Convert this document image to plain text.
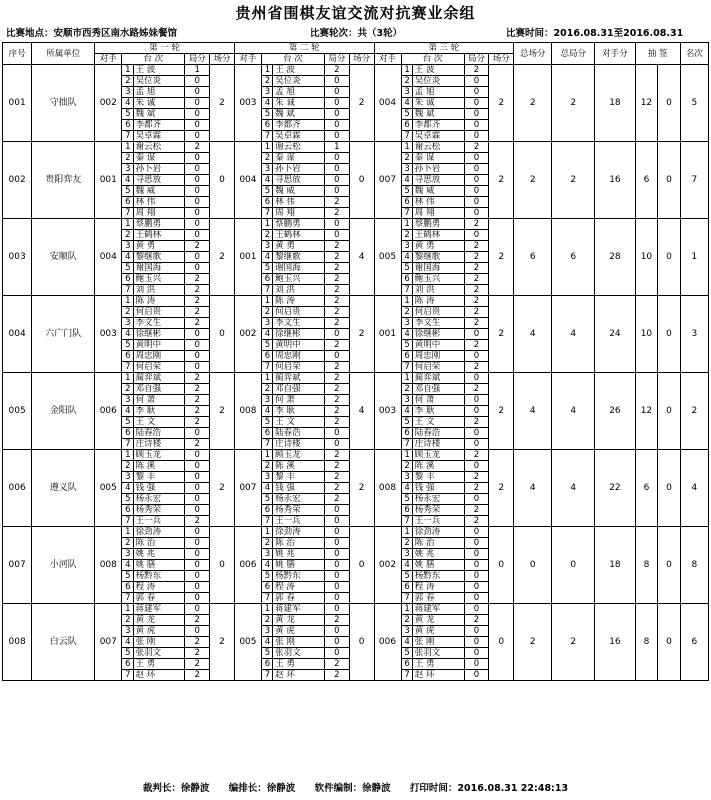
贵州省围棋友谊交流对抗赛业余组
比赛地点：安顺市西秀区南水路姊妹餐馆	比赛轮次：共（3轮）	比赛时间：2016.08.31至2016.08.31
序号	所属单位	第 一 轮					第 二 轮					第 三 轮					总场分	总局分	对手分	抽 签		名次
		对手	台 次		局分	场分	对手	台 次		局分	场分	对手	台 次		局分	场分						
001	守拙队	002	1	王 波	1	2	003	1	王 波	2	2	004	1	王 波	2	2	2	2	18	12	0	5
			2	吴位炎	0			2	吴位炎	0			2	吴位炎	0							
			3	孟 旭	0			3	孟 旭	0			3	孟 旭	0							
			4	朱 诚	0			4	朱 诚	0			4	朱 诚	0							
			5	魏 斌	0			5	魏 斌	0			5	魏 斌	0							
			6	李都齐	0			6	李都齐	0			6	李都齐	0							
			7	吴卓霖	0			7	吴卓霖	0			7	吴卓霖	0							
002	贵阳弈友	001	1	谢云松	2	0	004	1	谢云松	1	0	007	1	谢云松	2	2	2	2	16	6	0	7
			2	秦 谋	0			2	秦 谋	0			2	秦 谋	0							
			3	孙卜岩	0			3	孙卜岩	0			3	孙卜岩	0							
			4	寻思放	0			4	寻思放	0			4	寻思放	0							
			5	魏 威	0			5	魏 威	0			5	魏 威	0							
			6	林 伟	0			6	林 伟	2			6	林 伟	0							
			7	周 翔	0			7	周 翔	2			7	周 翔	0							
003	安顺队	004	1	蔡鹏勇	0	2	001	1	蔡鹏勇	0	4	005	1	蔡鹏勇	2	2	6	6	28	10	0	1
			2	王鹤林	0			2	王鹤林	0			2	王鹤林	0							
			3	黄 勇	2			3	黄 勇	2			3	黄 勇	2							
			4	黎继歌	0			4	黎继歌	2			4	黎继歌	2							
			5	谢国海	0			5	谢国海	2			5	谢国海	2							
			6	鲍玉兴	2			6	鲍玉兴	2			6	鲍玉兴	2							
			7	刘 洪	2			7	刘 洪	2			7	刘 洪	2							
004	六广门队	003	1	陈 涛	2	0	002	1	陈 涛	2	2	001	1	陈 涛	2	2	4	4	24	10	0	3
			2	何启贵	2			2	何启贵	2			2	何启贵	2							
			3	李文生	2			3	李文生	2			3	李文生	2							
			4	徐继彬	0			4	徐继彬	0			4	徐继彬	0							
			5	黄明中	0			5	黄明中	2			5	黄明中	2							
			6	周忠刚	0			6	周忠刚	0			6	周忠刚	0							
			7	何启荣	0			7	何启荣	2			7	何启荣	2							
005	金阳队	006	1	蔺弈斌	2	2	008	1	蔺弈斌	2	4	003	1	蔺弈斌	0	2	4	4	26	12	0	2
			2	邓自强	2			2	邓自强	2			2	邓自强	2							
			3	何 萧	2			3	何 萧	2			3	何 萧	0							
			4	李 耿	2			4	李 耿	2			4	李 耿	0							
			5	王 文	2			5	王 文	2			5	王 文	2							
			6	陆春浩	0			6	陆春浩	0			6	陆春浩	0							
			7	庄诗楼	2			7	庄诗楼	0			7	庄诗楼	0							
006	遵义队	005	1	顾玉龙	0	2	007	1	顾玉龙	2	2	008	1	顾玉龙	2	2	4	4	22	6	0	4
			2	陈 溪	0			2	陈 溪	2			2	陈 溪	0							
			3	黎 丰	0			3	黎 丰	2			3	黎 丰	2							
			4	钱 强	0			4	钱 强	2			4	钱 强	2							
			5	杨永宏	0			5	杨永宏	2			5	杨永宏	0							
			6	杨秀荣	0			6	杨秀荣	0			6	杨秀荣	2							
			7	王一兵	2			7	王一兵	0			7	王一兵	2							
007	小河队	008	1	徐劲涛	0	0	006	1	徐劲涛	0	0	002	1	徐劲涛	0	0	0	0	18	8	0	8
			2	陈 治	0			2	陈 治	0			2	陈 治	0							
			3	姚 兆	0			3	姚 兆	0			3	姚 兆	0							
			4	姚 膳	0			4	姚 膳	0			4	姚 膳	0							
			5	杨黔东	0			5	杨黔东	0			5	杨黔东	0							
			6	程 涛	0			6	程 涛	0			6	程 涛	0							
			7	郭 春	0			7	郭 春	0			7	郭 春	0							
008	白云队	007	1	蒋建军	0	2	005	1	蒋建军	0	0	006	1	蒋建军	0	0	2	2	16	8	0	6
			2	黄 龙	2			2	黄 龙	2			2	黄 龙	2							
			3	黄 虎	0			3	黄 虎	0			3	黄 虎	0							
			4	张 刚	2			4	张 刚	0			4	张 刚	0							
			5	张羽文	2			5	张羽文	0			5	张羽文	0							
			6	王 勇	2			6	王 勇	2			6	王 勇	0							
			7	赵 环	2			7	赵 环	2			7	赵 环	0							
裁判长：徐静波 编排长：徐静波 软件编制：徐静波 打印时间：2016.08.31 22:48:13
